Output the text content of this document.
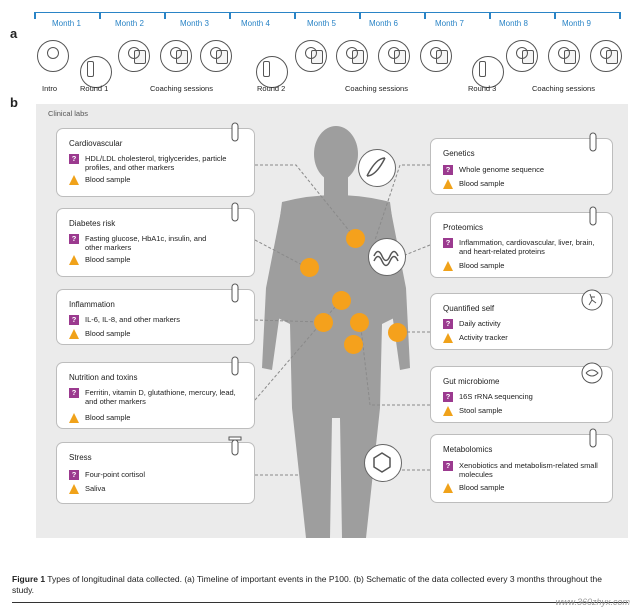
a
Month 1	Month 2	Month 3	Month 4	Month 5	Month 6	Month 7	Month 8	Month 9
Intro	Round 1	Coaching sessions	Round 2	Coaching sessions	Round 3	Coaching sessions
b
Clinical labs
Cardiovascular
? HDL/LDL cholesterol, triglycerides, particle profiles, and other markers
Blood sample
Diabetes risk
? Fasting glucose, HbA1c, insulin, and other markers
Blood sample
Inflammation
? IL-6, IL-8, and other markers
Blood sample
Nutrition and toxins
? Ferritin, vitamin D, glutathione, mercury, lead, and other markers
Blood sample
Stress
? Four-point cortisol
Saliva
Genetics
? Whole genome sequence
Blood sample
Proteomics
? Inflammation, cardiovascular, liver, brain, and heart-related proteins
Blood sample
Quantified self
? Daily activity
Activity tracker
Gut microbiome
? 16S rRNA sequencing
Stool sample
Metabolomics
? Xenobiotics and metabolism-related small molecules
Blood sample
Figure 1 Types of longitudinal data collected. (a) Timeline of important events in the P100. (b) Schematic of the data collected every 3 months throughout the study.
www.360zhyx.com
